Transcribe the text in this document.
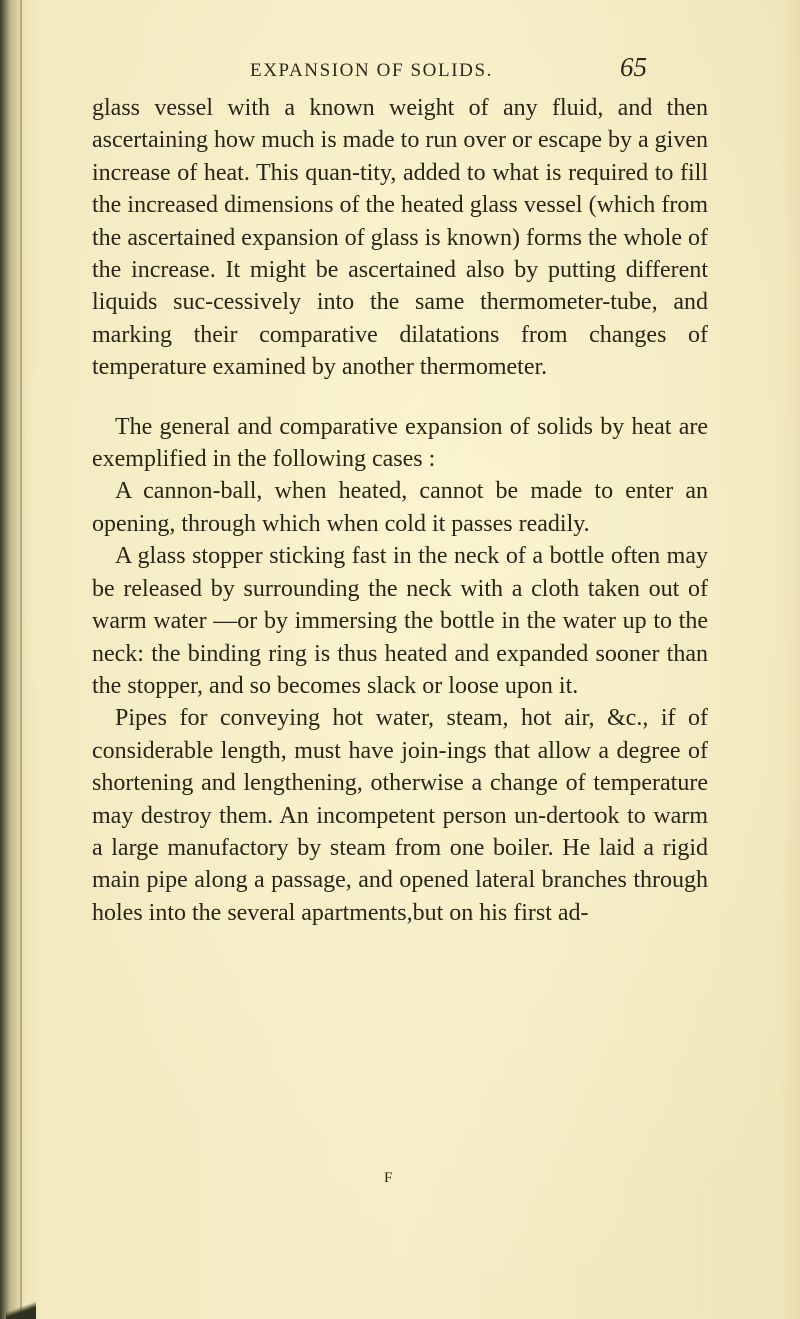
EXPANSION OF SOLIDS.	65

glass vessel with a known weight of any fluid, and then ascertaining how much is made to run over or escape by a given increase of heat. This quan-tity, added to what is required to fill the increased dimensions of the heated glass vessel (which from the ascertained expansion of glass is known) forms the whole of the increase. It might be ascertained also by putting different liquids suc-cessively into the same thermometer-tube, and marking their comparative dilatations from changes of temperature examined by another thermometer.

The general and comparative expansion of solids by heat are exemplified in the following cases :

A cannon-ball, when heated, cannot be made to enter an opening, through which when cold it passes readily.

A glass stopper sticking fast in the neck of a bottle often may be released by surrounding the neck with a cloth taken out of warm water —or by immersing the bottle in the water up to the neck: the binding ring is thus heated and expanded sooner than the stopper, and so becomes slack or loose upon it.

Pipes for conveying hot water, steam, hot air, &c., if of considerable length, must have join-ings that allow a degree of shortening and lengthening, otherwise a change of temperature may destroy them. An incompetent person un-dertook to warm a large manufactory by steam from one boiler. He laid a rigid main pipe along a passage, and opened lateral branches through holes into the several apartments,but on his first ad-

F
